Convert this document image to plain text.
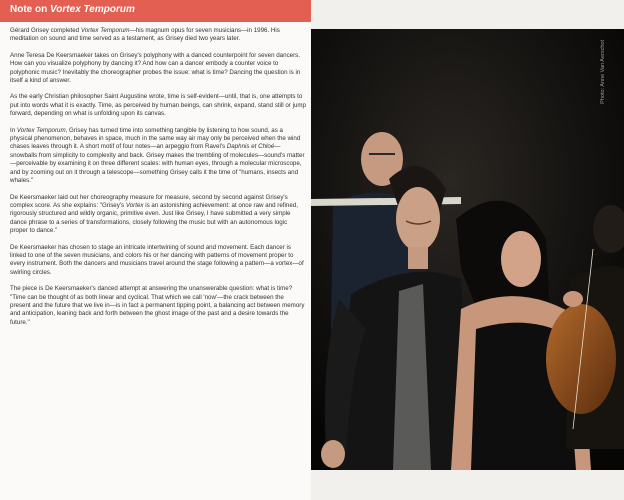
Note on Vortex Temporum

Gérard Grisey completed Vortex Temporum—his magnum opus for seven musicians—in 1996. His meditation on sound and time served as a testament, as Grisey died two years later.

Anne Teresa De Keersmaeker takes on Grisey's polyphony with a danced counterpoint for seven dancers. How can you visualize polyphony by dancing it? And how can a dancer embody a counter voice to polyphonic music? Inevitably the choreographer probes the issue: what is time? Dancing the question is in itself a kind of answer.

As the early Christian philosopher Saint Augustine wrote, time is self-evident—until, that is, one attempts to put into words what it is exactly. Time, as perceived by human beings, can shrink, expand, stand still or jump forward, depending on what is unfolding upon its canvas.

In Vortex Temporum, Grisey has turned time into something tangible by listening to how sound, as a physical phenomenon, behaves in space, much in the same way air may only be perceived when the wind chases leaves through it. A short motif of four notes—an arpeggio from Ravel's Daphnis et Chloé—snowballs from simplicity to complexity and back. Grisey makes the trembling of molecules—sound's matter—perceivable by examining it on three different scales: with human eyes, through a molecular microscope, and by zooming out on it through a telescope—something Grisey calls it the time of "humans, insects and whales."

De Keersmaeker laid out her choreography measure for measure, second by second against Grisey's complex score. As she explains: "Grisey's Vortex is an astonishing achievement: at once raw and refined, rigorously structured and wildly organic, primitive even. Just like Grisey, I have submitted a very simple dance phrase to a series of transformations, closely following the music but with an autonomous logic proper to dance."

De Keersmaeker has chosen to stage an intricate intertwining of sound and movement. Each dancer is linked to one of the seven musicians, and colors his or her dancing with patterns of movement proper to every instrument. Both the dancers and musicians travel around the stage following a pattern—a vortex—of swirling circles.

The piece is De Keersmaeker's danced attempt at answering the unanswerable question: what is time? "Time can be thought of as both linear and cyclical. That which we call 'now'—the crack between the present and the future that we live in—is in fact a permanent tipping point, a balancing act between memory and anticipation, leaning back and forth between the ghost image of the past and a desire towards the future."

Photo: Anne Van Aerschot
